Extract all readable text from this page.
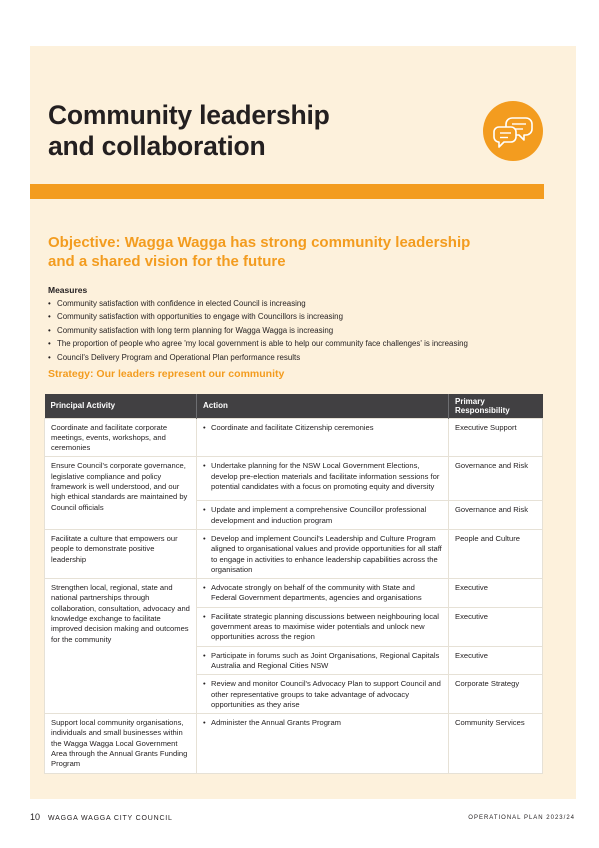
Community leadership
and collaboration
Objective: Wagga Wagga has strong community leadership
and a shared vision for the future
Measures
• Community satisfaction with confidence in elected Council is increasing
• Community satisfaction with opportunities to engage with Councillors is increasing
• Community satisfaction with long term planning for Wagga Wagga is increasing
• The proportion of people who agree 'my local government is able to help our community face challenges' is increasing
• Council's Delivery Program and Operational Plan performance results
Strategy: Our leaders represent our community
Principal Activity	Action	Primary Responsibility
Coordinate and facilitate corporate meetings, events, workshops, and ceremonies	• Coordinate and facilitate Citizenship ceremonies	Executive Support
Ensure Council's corporate governance, legislative compliance and policy framework is well understood, and our high ethical standards are maintained by Council officials	• Undertake planning for the NSW Local Government Elections, develop pre-election materials and facilitate information sessions for potential candidates with a focus on promoting equity and diversity	Governance and Risk
	• Update and implement a comprehensive Councillor professional development and induction program	Governance and Risk
Facilitate a culture that empowers our people to demonstrate positive leadership	• Develop and implement Council's Leadership and Culture Program aligned to organisational values and provide opportunities for all staff to engage in activities to enhance leadership capabilities across the organisation	People and Culture
Strengthen local, regional, state and national partnerships through collaboration, consultation, advocacy and knowledge exchange to facilitate improved decision making and outcomes for the community	• Advocate strongly on behalf of the community with State and Federal Government departments, agencies and organisations	Executive
	• Facilitate strategic planning discussions between neighbouring local government areas to maximise wider potentials and unlock new opportunities across the region	Executive
	• Participate in forums such as Joint Organisations, Regional Capitals Australia and Regional Cities NSW	Executive
	• Review and monitor Council's Advocacy Plan to support Council and other representative groups to take advantage of advocacy opportunities as they arise	Corporate Strategy
Support local community organisations, individuals and small businesses within the Wagga Wagga Local Government Area through the Annual Grants Funding Program	• Administer the Annual Grants Program	Community Services
10 WAGGA WAGGA CITY COUNCIL	OPERATIONAL PLAN 2023/24
